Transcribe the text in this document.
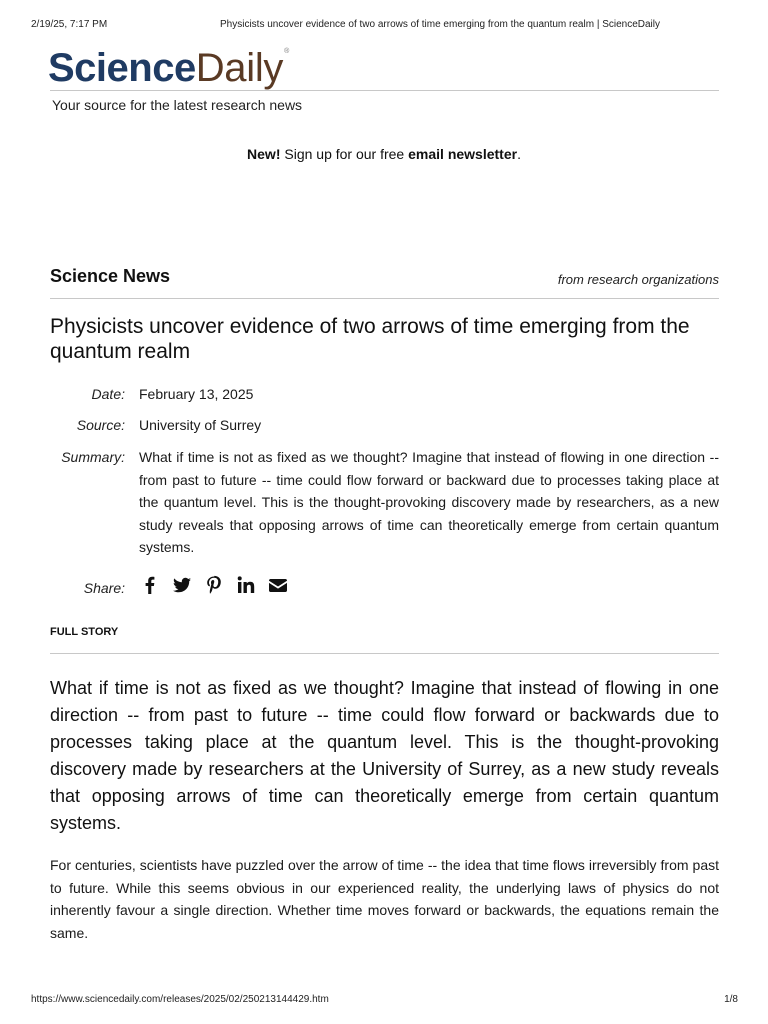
2/19/25, 7:17 PM	Physicists uncover evidence of two arrows of time emerging from the quantum realm | ScienceDaily
ScienceDaily®
Your source for the latest research news
New! Sign up for our free email newsletter.
Science News	from research organizations
Physicists uncover evidence of two arrows of time emerging from the quantum realm
Date: February 13, 2025
Source: University of Surrey
Summary: What if time is not as fixed as we thought? Imagine that instead of flowing in one direction -- from past to future -- time could flow forward or backward due to processes taking place at the quantum level. This is the thought-provoking discovery made by researchers, as a new study reveals that opposing arrows of time can theoretically emerge from certain quantum systems.
Share:
FULL STORY

What if time is not as fixed as we thought? Imagine that instead of flowing in one direction -- from past to future -- time could flow forward or backwards due to processes taking place at the quantum level. This is the thought-provoking discovery made by researchers at the University of Surrey, as a new study reveals that opposing arrows of time can theoretically emerge from certain quantum systems.

For centuries, scientists have puzzled over the arrow of time -- the idea that time flows irreversibly from past to future. While this seems obvious in our experienced reality, the underlying laws of physics do not inherently favour a single direction. Whether time moves forward or backwards, the equations remain the same.

https://www.sciencedaily.com/releases/2025/02/250213144429.htm	1/8
